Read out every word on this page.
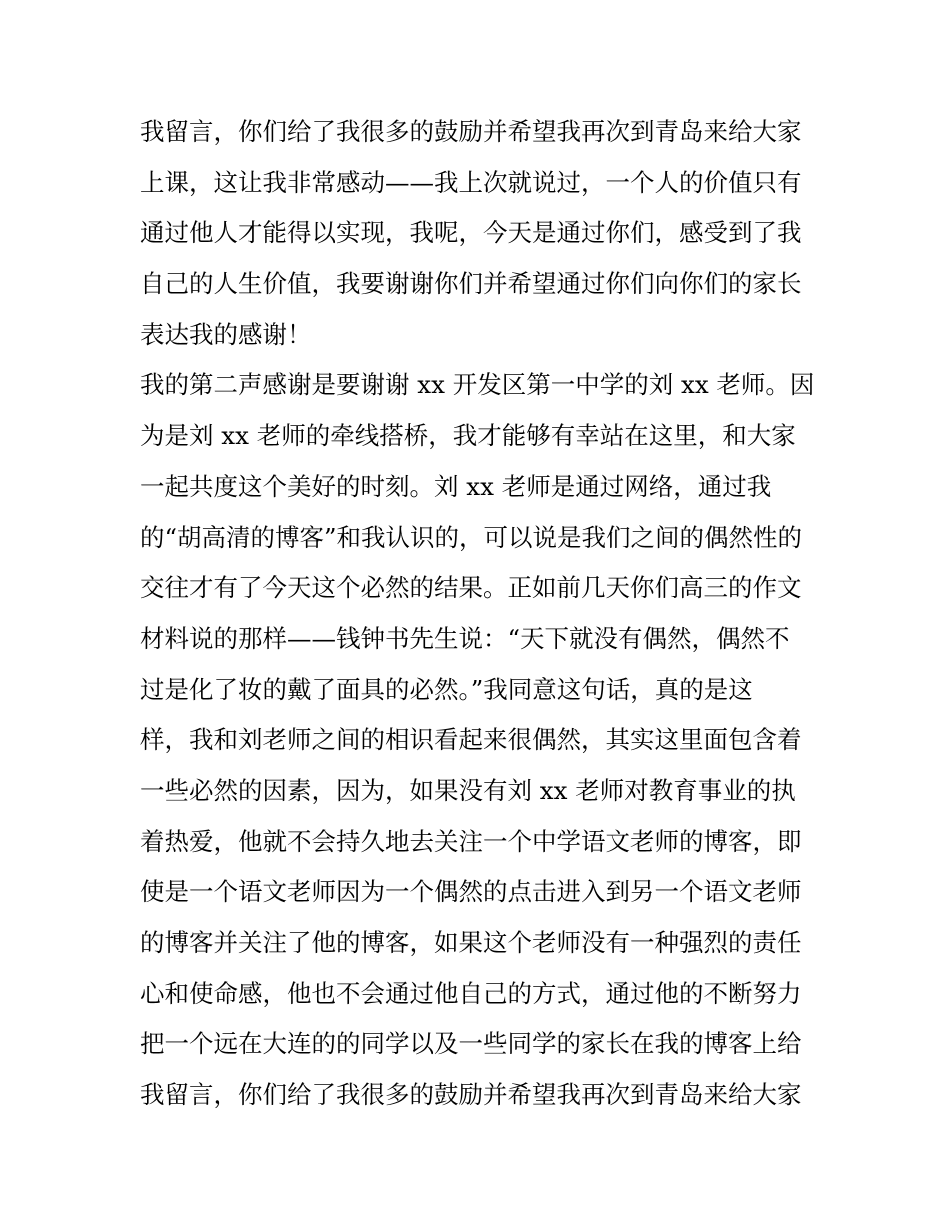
我留言，你们给了我很多的鼓励并希望我再次到青岛来给大家
上课，这让我非常感动——我上次就说过，一个人的价值只有
通过他人才能得以实现，我呢，今天是通过你们，感受到了我
自己的人生价值，我要谢谢你们并希望通过你们向你们的家长
表达我的感谢！
我的第二声感谢是要谢谢 xx 开发区第一中学的刘 xx 老师。因
为是刘 xx 老师的牵线搭桥，我才能够有幸站在这里，和大家
一起共度这个美好的时刻。刘 xx 老师是通过网络，通过我
的“胡高清的博客”和我认识的，可以说是我们之间的偶然性的
交往才有了今天这个必然的结果。正如前几天你们高三的作文
材料说的那样——钱钟书先生说：“天下就没有偶然，偶然不
过是化了妆的戴了面具的必然。”我同意这句话，真的是这
样，我和刘老师之间的相识看起来很偶然，其实这里面包含着
一些必然的因素，因为，如果没有刘 xx 老师对教育事业的执
着热爱，他就不会持久地去关注一个中学语文老师的博客，即
使是一个语文老师因为一个偶然的点击进入到另一个语文老师
的博客并关注了他的博客，如果这个老师没有一种强烈的责任
心和使命感，他也不会通过他自己的方式，通过他的不断努力
把一个远在大连的的同学以及一些同学的家长在我的博客上给
我留言，你们给了我很多的鼓励并希望我再次到青岛来给大家
